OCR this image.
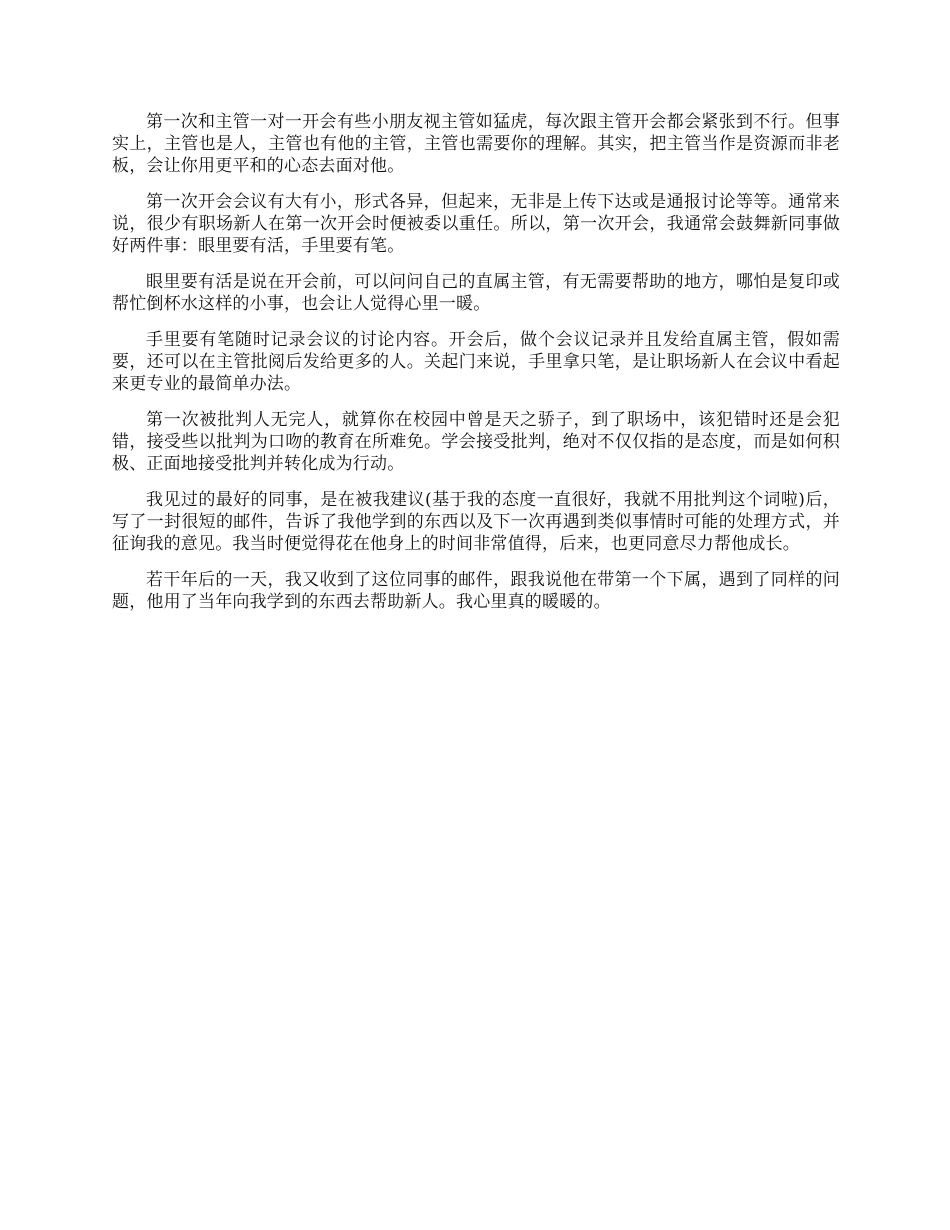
第一次和主管一对一开会有些小朋友视主管如猛虎，每次跟主管开会都会紧张到不行。但事实上，主管也是人，主管也有他的主管，主管也需要你的理解。其实，把主管当作是资源而非老板，会让你用更平和的心态去面对他。

第一次开会会议有大有小，形式各异，但起来，无非是上传下达或是通报讨论等等。通常来说，很少有职场新人在第一次开会时便被委以重任。所以，第一次开会，我通常会鼓舞新同事做好两件事：眼里要有活，手里要有笔。

眼里要有活是说在开会前，可以问问自己的直属主管，有无需要帮助的地方，哪怕是复印或帮忙倒杯水这样的小事，也会让人觉得心里一暖。

手里要有笔随时记录会议的讨论内容。开会后，做个会议记录并且发给直属主管，假如需要，还可以在主管批阅后发给更多的人。关起门来说，手里拿只笔，是让职场新人在会议中看起来更专业的最简单办法。

第一次被批判人无完人，就算你在校园中曾是天之骄子，到了职场中，该犯错时还是会犯错，接受些以批判为口吻的教育在所难免。学会接受批判，绝对不仅仅指的是态度，而是如何积极、正面地接受批判并转化成为行动。

我见过的最好的同事，是在被我建议(基于我的态度一直很好，我就不用批判这个词啦)后，写了一封很短的邮件，告诉了我他学到的东西以及下一次再遇到类似事情时可能的处理方式，并征询我的意见。我当时便觉得花在他身上的时间非常值得，后来，也更同意尽力帮他成长。

若干年后的一天，我又收到了这位同事的邮件，跟我说他在带第一个下属，遇到了同样的问题，他用了当年向我学到的东西去帮助新人。我心里真的暖暖的。
